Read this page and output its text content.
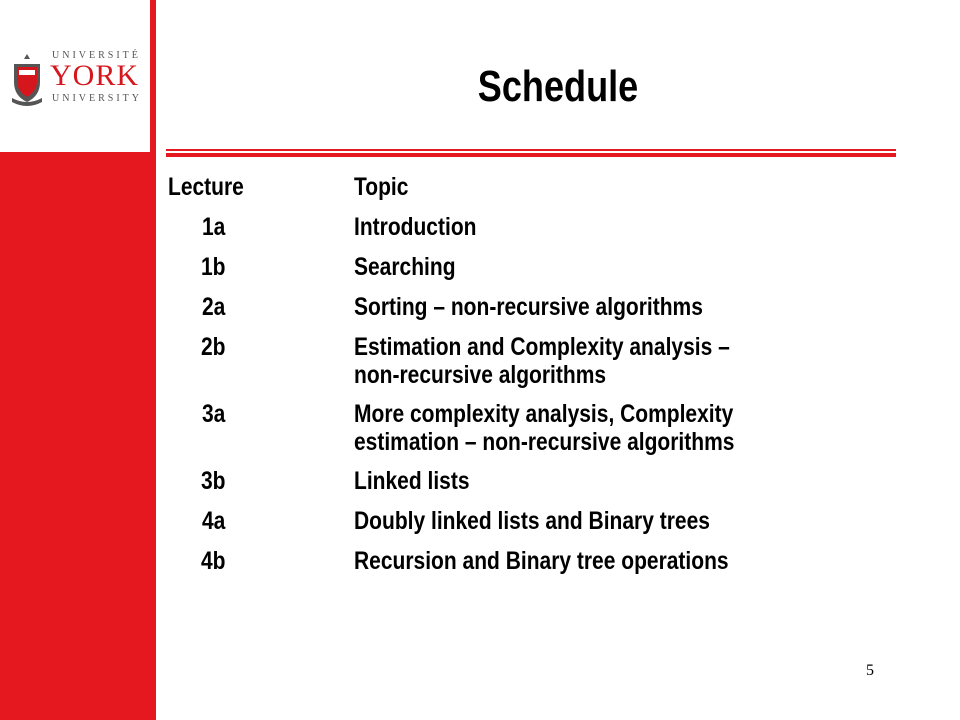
UNIVERSITÉ
YORK
UNIVERSITY	Schedule
Lecture	Topic
1a	Introduction
1b	Searching
2a	Sorting – non-recursive algorithms
2b	Estimation and Complexity analysis –
non-recursive algorithms
3a	More complexity analysis, Complexity
estimation – non-recursive algorithms
3b	Linked lists
4a	Doubly linked lists and Binary trees
4b	Recursion and Binary tree operations
5
